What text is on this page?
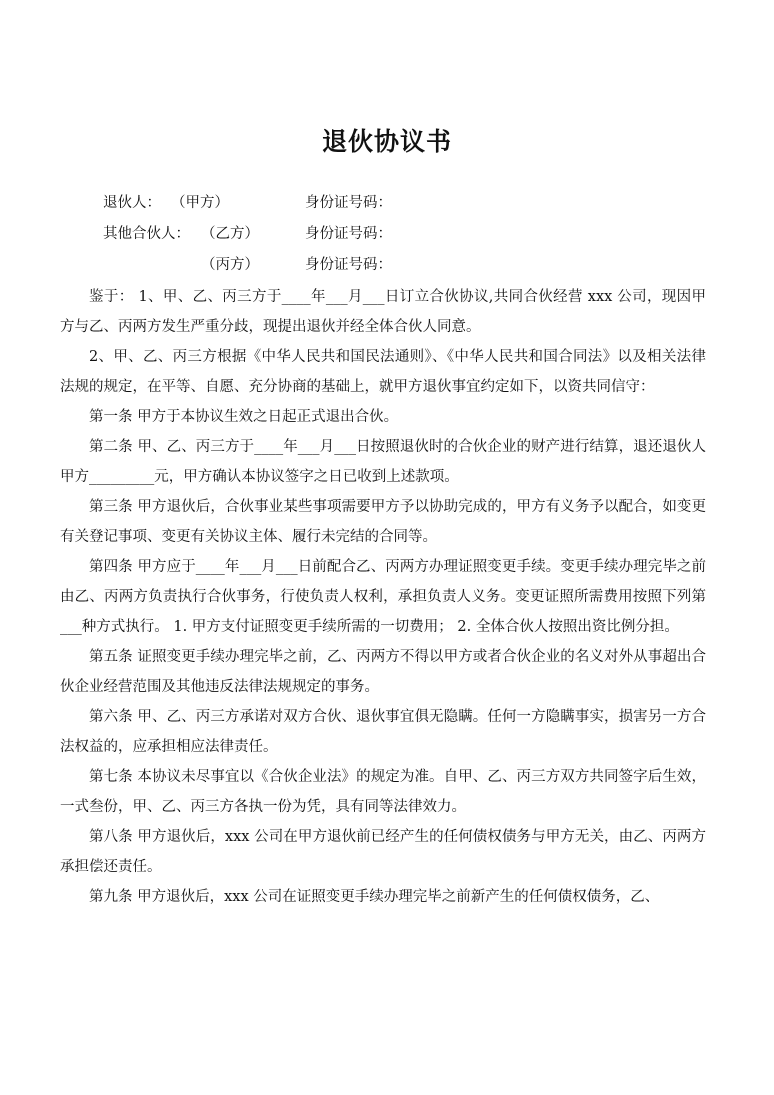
退伙协议书
退伙人： （甲方）	身份证号码：
其他合伙人： （乙方）	身份证号码：
（丙方）	身份证号码：

鉴于： 1、甲、乙、丙三方于____年___月___日订立合伙协议,共同合伙经营 xxx 公司，现因甲方与乙、丙两方发生严重分歧，现提出退伙并经全体合伙人同意。

2、甲、乙、丙三方根据《中华人民共和国民法通则》、《中华人民共和国合同法》以及相关法律法规的规定，在平等、自愿、充分协商的基础上，就甲方退伙事宜约定如下，以资共同信守：

第一条 甲方于本协议生效之日起正式退出合伙。

第二条 甲、乙、丙三方于____年___月___日按照退伙时的合伙企业的财产进行结算，退还退伙人甲方_________元，甲方确认本协议签字之日已收到上述款项。

第三条 甲方退伙后，合伙事业某些事项需要甲方予以协助完成的，甲方有义务予以配合，如变更有关登记事项、变更有关协议主体、履行未完结的合同等。

第四条 甲方应于____年___月___日前配合乙、丙两方办理证照变更手续。变更手续办理完毕之前由乙、丙两方负责执行合伙事务，行使负责人权利，承担负责人义务。变更证照所需费用按照下列第___种方式执行。 1. 甲方支付证照变更手续所需的一切费用； 2. 全体合伙人按照出资比例分担。

第五条 证照变更手续办理完毕之前，乙、丙两方不得以甲方或者合伙企业的名义对外从事超出合伙企业经营范围及其他违反法律法规规定的事务。

第六条 甲、乙、丙三方承诺对双方合伙、退伙事宜俱无隐瞒。任何一方隐瞒事实，损害另一方合法权益的，应承担相应法律责任。

第七条 本协议未尽事宜以《合伙企业法》的规定为准。自甲、乙、丙三方双方共同签字后生效，一式叁份，甲、乙、丙三方各执一份为凭，具有同等法律效力。

第八条 甲方退伙后，xxx 公司在甲方退伙前已经产生的任何债权债务与甲方无关，由乙、丙两方承担偿还责任。

第九条 甲方退伙后，xxx 公司在证照变更手续办理完毕之前新产生的任何债权债务，乙、
